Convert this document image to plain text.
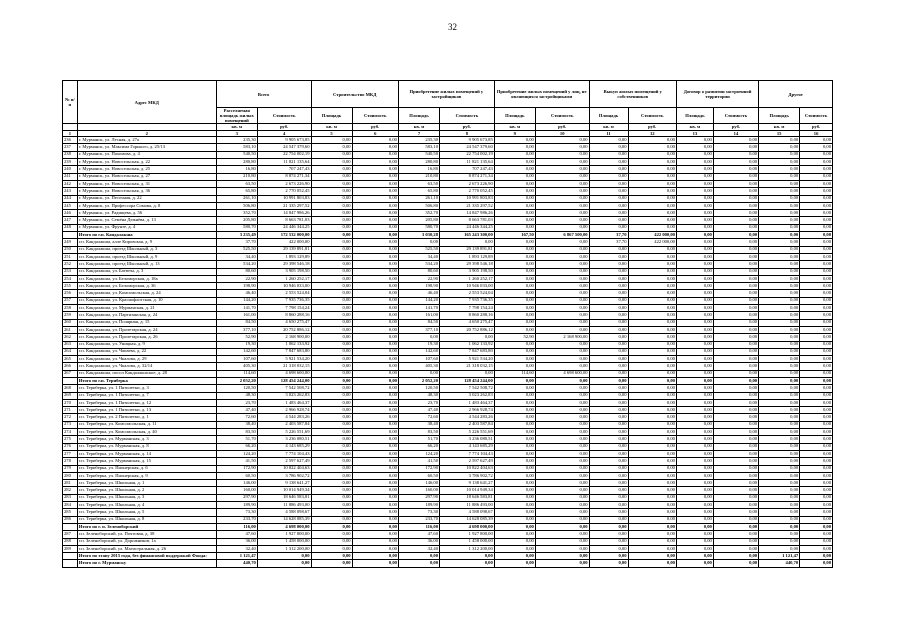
32
№ п/п	Адрес МКД	Всего		Строительство МКД		Приобретение жилых помещений у застройщиков		Приобретение жилых помещений у лиц, не являющихся застройщиками		Выкуп жилых помещений у собственников		Договор о развитии застроенной территории		Другое	
		Расселяемая площадь жилых помещений	Стоимость	Площадь	Стоимость	Площадь	Стоимость	Площадь	Стоимость	Площадь	Стоимость	Площадь	Стоимость	Площадь	Стоимость
		кв. м	руб.	кв. м	руб.	кв. м	руб.	кв. м	руб.	кв. м	руб.	кв. м	руб.	кв. м	руб.
1	2	3	4	5	6	7	8	9	10	11	12	13	14	15	16
236	г. Мурманск, ул. Лесная, д. 27а	235,30	9 905 673,85	0,00	0,00	235,30	9 905 673,85	0,00	0,00	0,00	0,00	0,00	0,00	0,00	0,00
237	г. Мурманск, ул. Максима Горького, д. 25/13	583,10	24 547 379,60	0,00	0,00	583,10	24 547 379,60	0,00	0,00	0,00	0,00	0,00	0,00	0,00	0,00
238	г. Мурманск, ул. Пахомова, д. 4	540,50	22 754 002,19	0,00	0,00	540,50	22 754 002,19	0,00	0,00	0,00	0,00	0,00	0,00	0,00	0,00
239	г. Мурманск, ул. Новосельская, д. 22	280,80	11 821 135,64	0,00	0,00	280,80	11 821 135,64	0,00	0,00	0,00	0,00	0,00	0,00	0,00	0,00
240	г. Мурманск, ул. Новосельская, д. 25	16,80	707 247,43	0,00	0,00	16,80	707 247,43	0,00	0,00	0,00	0,00	0,00	0,00	0,00	0,00
241	г. Мурманск, ул. Новосельская, д. 27	210,80	8 874 271,34	0,00	0,00	210,80	8 874 271,34	0,00	0,00	0,00	0,00	0,00	0,00	0,00	0,00
242	г. Мурманск, ул. Новосельская, д. 31	63,50	2 673 226,90	0,00	0,00	63,50	2 673 226,90	0,00	0,00	0,00	0,00	0,00	0,00	0,00	0,00
243	г. Мурманск, ул. Новосельская, д. 36	65,80	2 770 052,45	0,00	0,00	65,80	2 770 052,45	0,00	0,00	0,00	0,00	0,00	0,00	0,00	0,00
244	г. Мурманск, ул. Песочная, д. 22	261,10	10 991 803,83	0,00	0,00	261,10	10 991 803,83	0,00	0,00	0,00	0,00	0,00	0,00	0,00	0,00
245	г. Мурманск, ул. Профессора Сомова, д. 8	506,80	21 335 297,52	0,00	0,00	506,80	21 335 297,52	0,00	0,00	0,00	0,00	0,00	0,00	0,00	0,00
246	г. Мурманск, ул. Радищева, д. 56	352,70	14 847 986,26	0,00	0,00	352,70	14 847 986,26	0,00	0,00	0,00	0,00	0,00	0,00	0,00	0,00
247	г. Мурманск, ул. Семёна Дежнёва, д. 13	205,80	8 663 781,03	0,00	0,00	205,80	8 663 781,03	0,00	0,00	0,00	0,00	0,00	0,00	0,00	0,00
248	г. Мурманск, ул. Фрунзе, д. 4	580,70	24 446 344,25	0,00	0,00	580,70	24 446 344,25	0,00	0,00	0,00	0,00	0,00	0,00	0,00	0,00
	Итого по г.п. Кандалакша	3 235,49	172 532 000,00	0,00	0,00	3 030,28	165 243 300,00	167,50	6 867 500,00	37,70	422 000,00	0,00	0,00	0,00	0,00
249	г.п. Кандалакша, алле Кировская, д. 9	37,70	422 000,00	0,00	0,00	0,00	0,00	0,00	0,00	37,70	422 000,00	0,00	0,00	0,00	0,00
250	г.п. Кандалакша, проезд Школьный, д. 3	525,50	29 139 891,81	0,00	0,00	525,50	29 139 891,81	0,00	0,00	0,00	0,00	0,00	0,00	0,00	0,00
251	г.п. Кандалакша, проезд Школьный, д. 9	34,40	1 893 129,89	0,00	0,00	34,40	1 893 129,89	0,00	0,00	0,00	0,00	0,00	0,00	0,00	0,00
252	г.п. Кандалакша, проезд Школьный, д. 13	534,20	29 398 546,18	0,00	0,00	534,20	29 398 546,18	0,00	0,00	0,00	0,00	0,00	0,00	0,00	0,00
253	г.п. Кандалакша, ул. Батюты, д. 3	80,60	3 905 198,50	0,00	0,00	80,60	3 905 198,50	0,00	0,00	0,00	0,00	0,00	0,00	0,00	0,00
254	г.п. Кандалакша, ул. Беломорская, д. 18а	22,90	1 260 252,17	0,00	0,00	22,90	1 260 252,17	0,00	0,00	0,00	0,00	0,00	0,00	0,00	0,00
255	г.п. Кандалакша, ул. Беломорская, д. 36	198,90	10 946 033,00	0,00	0,00	198,90	10 946 033,00	0,00	0,00	0,00	0,00	0,00	0,00	0,00	0,00
256	г.п. Кандалакша, ул. Комсомольская, д. 24	46,40	2 553 524,04	0,00	0,00	46,40	2 553 524,04	0,00	0,00	0,00	0,00	0,00	0,00	0,00	0,00
257	г.п. Кандалакша, ул. Краснофлотская, д. 10	144,20	7 935 736,35	0,00	0,00	144,20	7 935 736,35	0,00	0,00	0,00	0,00	0,00	0,00	0,00	0,00
258	г.п. Кандалакша, ул. Мурманская, д. 21	141,70	7 798 154,24	0,00	0,00	141,70	7 798 154,24	0,00	0,00	0,00	0,00	0,00	0,00	0,00	0,00
259	г.п. Кандалакша, ул. Партизанская, д. 24	161,00	8 860 288,16	0,00	0,00	161,00	8 860 288,16	0,00	0,00	0,00	0,00	0,00	0,00	0,00	0,00
260	г.п. Кандалакша, ул. Полярная, д. 15	84,50	4 650 275,47	0,00	0,00	84,50	4 650 275,47	0,00	0,00	0,00	0,00	0,00	0,00	0,00	0,00
261	г.п. Кандалакша, ул. Пролетарская, д. 24	377,10	20 752 886,12	0,00	0,00	377,10	20 752 886,12	0,00	0,00	0,00	0,00	0,00	0,00	0,00	0,00
262	г.п. Кандалакша, ул. Пролетарская, д. 26	52,90	2 168 900,00	0,00	0,00	0,00	0,00	52,90	2 168 900,00	0,00	0,00	0,00	0,00	0,00	0,00
263	г.п. Кандалакша, ул. Уницкая, д. 9	19,30	1 062 133,92	0,00	0,00	19,30	1 062 133,92	0,00	0,00	0,00	0,00	0,00	0,00	0,00	0,00
264	г.п. Кандалакша, ул. Чапаева, д. 22	142,60	7 847 683,80	0,00	0,00	142,60	7 847 683,80	0,00	0,00	0,00	0,00	0,00	0,00	0,00	0,00
265	г.п. Кандалакша, ул. Чкалова, д. 29	107,60	5 921 534,20	0,00	0,00	107,60	5 921 534,20	0,00	0,00	0,00	0,00	0,00	0,00	0,00	0,00
266	г.п. Кандалакша, ул. Чкалова, д. 32/14	405,30	21 318 032,15	0,00	0,00	405,30	21 318 032,15	0,00	0,00	0,00	0,00	0,00	0,00	0,00	0,00
267	г.п. Кандалакша, посол Кандалакшское, д. 28	114,60	4 698 600,00	0,00	0,00	0,00	0,00	114,60	4 698 600,00	0,00	0,00	0,00	0,00	0,00	0,00
	Итого по г.п. Териберка	2 052,20	128 454 244,00	0,00	0,00	2 052,20	128 454 244,00	0,00	0,00	0,00	0,00	0,00	0,00	0,00	0,00
268	г.п. Териберка, ул. 1 Пятилетки, д. 3	120,50	7 542 508,72	0,00	0,00	120,50	7 542 508,72	0,00	0,00	0,00	0,00	0,00	0,00	0,00	0,00
269	г.п. Териберка, ул. 1 Пятилетки, д. 7	48,30	3 023 262,83	0,00	0,00	48,30	3 023 262,83	0,00	0,00	0,00	0,00	0,00	0,00	0,00	0,00
270	г.п. Териберка, ул. 1 Пятилетки, д. 12	23,70	1 483 464,37	0,00	0,00	23,70	1 483 464,37	0,00	0,00	0,00	0,00	0,00	0,00	0,00	0,00
271	г.п. Териберка, ул. 1 Пятилетки, д. 13	47,40	2 966 928,74	0,00	0,00	47,40	2 966 928,74	0,00	0,00	0,00	0,00	0,00	0,00	0,00	0,00
272	г.п. Териберка, ул. 2 Пятилетки, д. 1	72,60	4 544 283,26	0,00	0,00	72,60	4 544 283,26	0,00	0,00	0,00	0,00	0,00	0,00	0,00	0,00
273	г.п. Териберка, ул. Комсомольская, д. 11	38,40	2 403 587,84	0,00	0,00	38,40	2 403 587,84	0,00	0,00	0,00	0,00	0,00	0,00	0,00	0,00
274	г.п. Териберка, ул. Комсомольская, д. 40	83,50	5 226 551,69	0,00	0,00	83,50	5 226 551,69	0,00	0,00	0,00	0,00	0,00	0,00	0,00	0,00
275	г.п. Териберка, ул. Мурманская, д. 3	51,70	3 236 080,51	0,00	0,00	51,70	3 236 080,51	0,00	0,00	0,00	0,00	0,00	0,00	0,00	0,00
276	г.п. Териберка, ул. Мурманская, д. 8	66,20	4 143 685,29	0,00	0,00	66,20	4 143 685,29	0,00	0,00	0,00	0,00	0,00	0,00	0,00	0,00
277	г.п. Териберка, ул. Мурманская, д. 14	124,20	7 774 104,43	0,00	0,00	124,20	7 774 104,43	0,00	0,00	0,00	0,00	0,00	0,00	0,00	0,00
278	г.п. Териберка, ул. Мурманская, д. 15	41,50	2 597 627,49	0,00	0,00	41,50	2 597 627,49	0,00	0,00	0,00	0,00	0,00	0,00	0,00	0,00
279	г.п. Териберка, ул. Пионерская, д. 6	172,90	10 822 404,63	0,00	0,00	172,90	10 822 404,63	0,00	0,00	0,00	0,00	0,00	0,00	0,00	0,00
280	г.п. Териберка, ул. Пионерская, д. 9	60,50	3 786 902,72	0,00	0,00	60,50	3 786 902,72	0,00	0,00	0,00	0,00	0,00	0,00	0,00	0,00
281	г.п. Териберка, ул. Школьная, д. 1	146,00	9 138 641,27	0,00	0,00	146,00	9 138 641,27	0,00	0,00	0,00	0,00	0,00	0,00	0,00	0,00
282	г.п. Териберка, ул. Школьная, д. 2	160,00	10 014 949,34	0,00	0,00	160,00	10 014 949,34	0,00	0,00	0,00	0,00	0,00	0,00	0,00	0,00
283	г.п. Териберка, ул. Школьная, д. 3	297,90	18 646 583,81	0,00	0,00	297,90	18 646 583,81	0,00	0,00	0,00	0,00	0,00	0,00	0,00	0,00
284	г.п. Териберка, ул. Школьная, д. 4	189,90	11 886 493,00	0,00	0,00	189,90	11 886 493,00	0,00	0,00	0,00	0,00	0,00	0,00	0,00	0,00
285	г.п. Териберка, ул. Школьная, д. 5	73,30	4 588 098,67	0,00	0,00	73,30	4 588 098,67	0,00	0,00	0,00	0,00	0,00	0,00	0,00	0,00
286	г.п. Териберка, ул. Школьная, д. 8	233,70	14 628 085,39	0,00	0,00	233,70	14 628 085,39	0,00	0,00	0,00	0,00	0,00	0,00	0,00	0,00
	Итого по г. п. Зеленоборский	116,00	4 698 000,00	0,00	0,00	116,00	4 698 000,00	0,00	0,00	0,00	0,00	0,00	0,00	0,00	0,00
287	г.п. Зеленоборский, ул. Почтовая, д. 38	47,60	1 927 800,00	0,00	0,00	47,60	1 927 800,00	0,00	0,00	0,00	0,00	0,00	0,00	0,00	0,00
288	г.п. Зеленоборский, ул. Дорожников, 1а	36,00	1 458 000,00	0,00	0,00	36,00	1 458 000,00	0,00	0,00	0,00	0,00	0,00	0,00	0,00	0,00
289	г.п. Зеленоборский, ул. Магистральная, д. 26	32,40	1 312 200,00	0,00	0,00	32,40	1 312 200,00	0,00	0,00	0,00	0,00	0,00	0,00	0,00	0,00
	Итого по этапу 2015 года, без финансовой поддержкой Фонда:	1 121,47	0,00	0,00	0,00	0,00	0,00	0,00	0,00	0,00	0,00	0,00	0,00	1 121,47	0,00
	Итого по г. Мурманску	440,70	0,00	0,00	0,00	0,00	0,00	0,00	0,00	0,00	0,00	0,00	0,00	440,70	0,00
